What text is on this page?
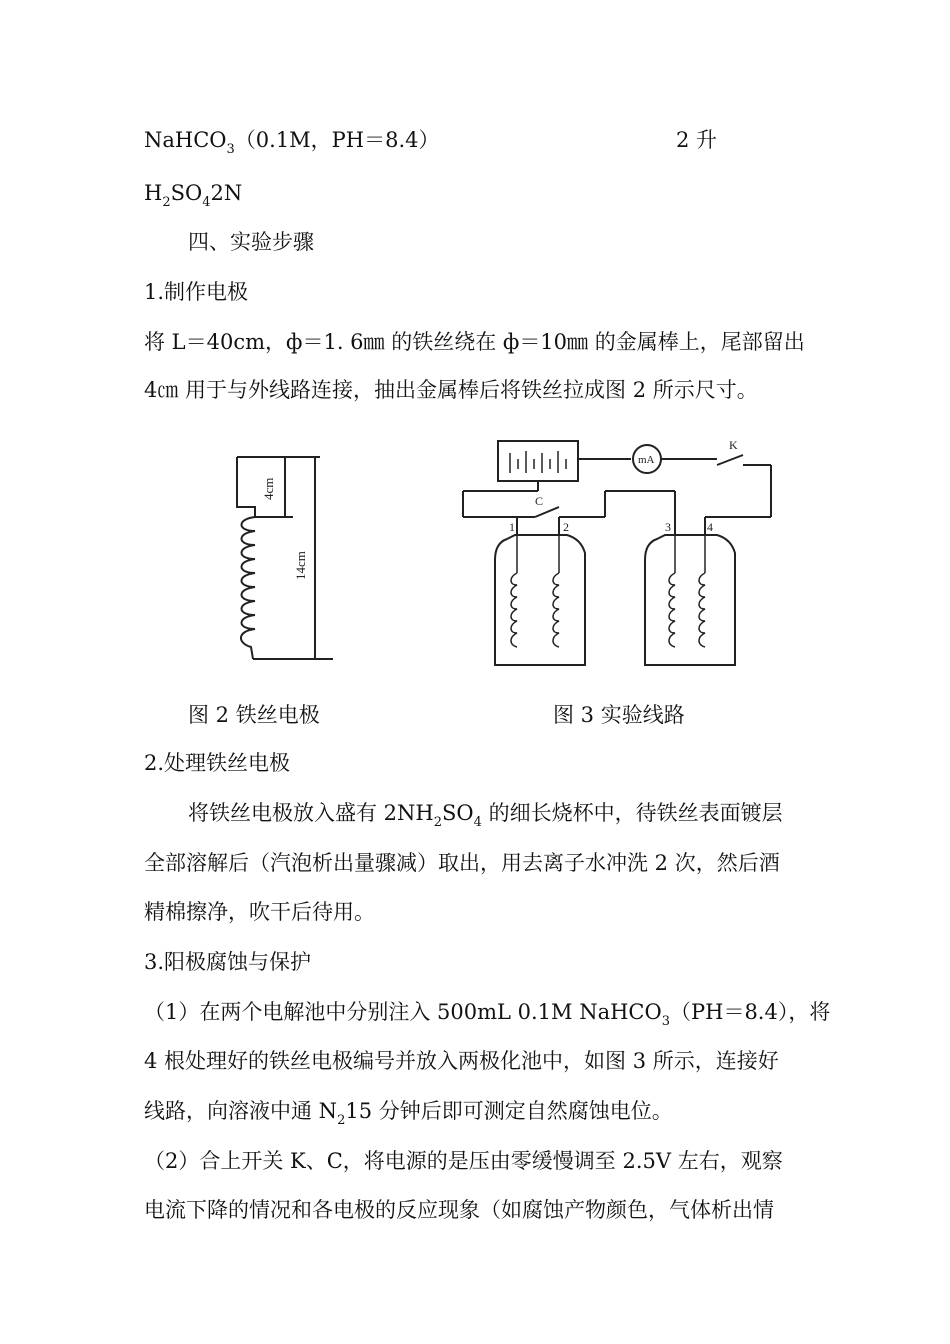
NaHCO$_3$（0.1M，PH＝8.4）	2 升
$H_2SO_42N$
四、实验步骤
1.制作电极
将 L＝40cm，ф＝1. 6㎜ 的铁丝绕在 ф＝10㎜ 的金属棒上，尾部留出
4㎝ 用于与外线路连接，抽出金属棒后将铁丝拉成图 2 所示尺寸。
4cm
14cm
mA
K
C
1	2	3	4
图 2 铁丝电极	图 3 实验线路
2.处理铁丝电极
将铁丝电极放入盛有 $2NH_2SO_4$ 的细长烧杯中，待铁丝表面镀层
全部溶解后（汽泡析出量骤减）取出，用去离子水冲洗 2 次，然后酒
精棉擦净，吹干后待用。
3.阳极腐蚀与保护
（1）在两个电解池中分别注入 500mL 0.1M NaHCO$_3$（PH＝8.4），将
4 根处理好的铁丝电极编号并放入两极化池中，如图 3 所示，连接好
线路，向溶液中通 $N_215$ 分钟后即可测定自然腐蚀电位。
（2）合上开关 K、C，将电源的是压由零缓慢调至 2.5V 左右，观察
电流下降的情况和各电极的反应现象（如腐蚀产物颜色，气体析出情
